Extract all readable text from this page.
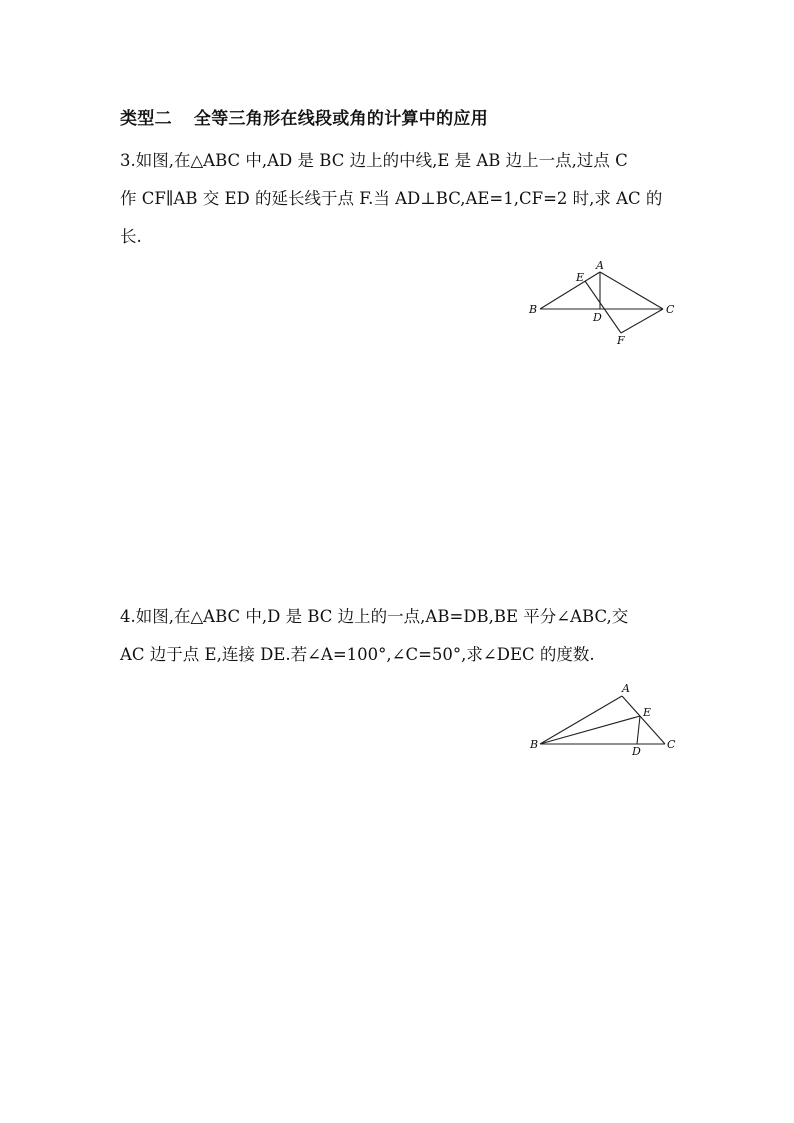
类型二 全等三角形在线段或角的计算中的应用
3.如图,在△ABC 中,AD 是 BC 边上的中线,E 是 AB 边上一点,过点 C
作 CF∥AB 交 ED 的延长线于点 F.当 AD⊥BC,AE=1,CF=2 时,求 AC 的
长.
A
E
B
D
C
F
4.如图,在△ABC 中,D 是 BC 边上的一点,AB=DB,BE 平分∠ABC,交
AC 边于点 E,连接 DE.若∠A=100°,∠C=50°,求∠DEC 的度数.
A
E
B
D
C
